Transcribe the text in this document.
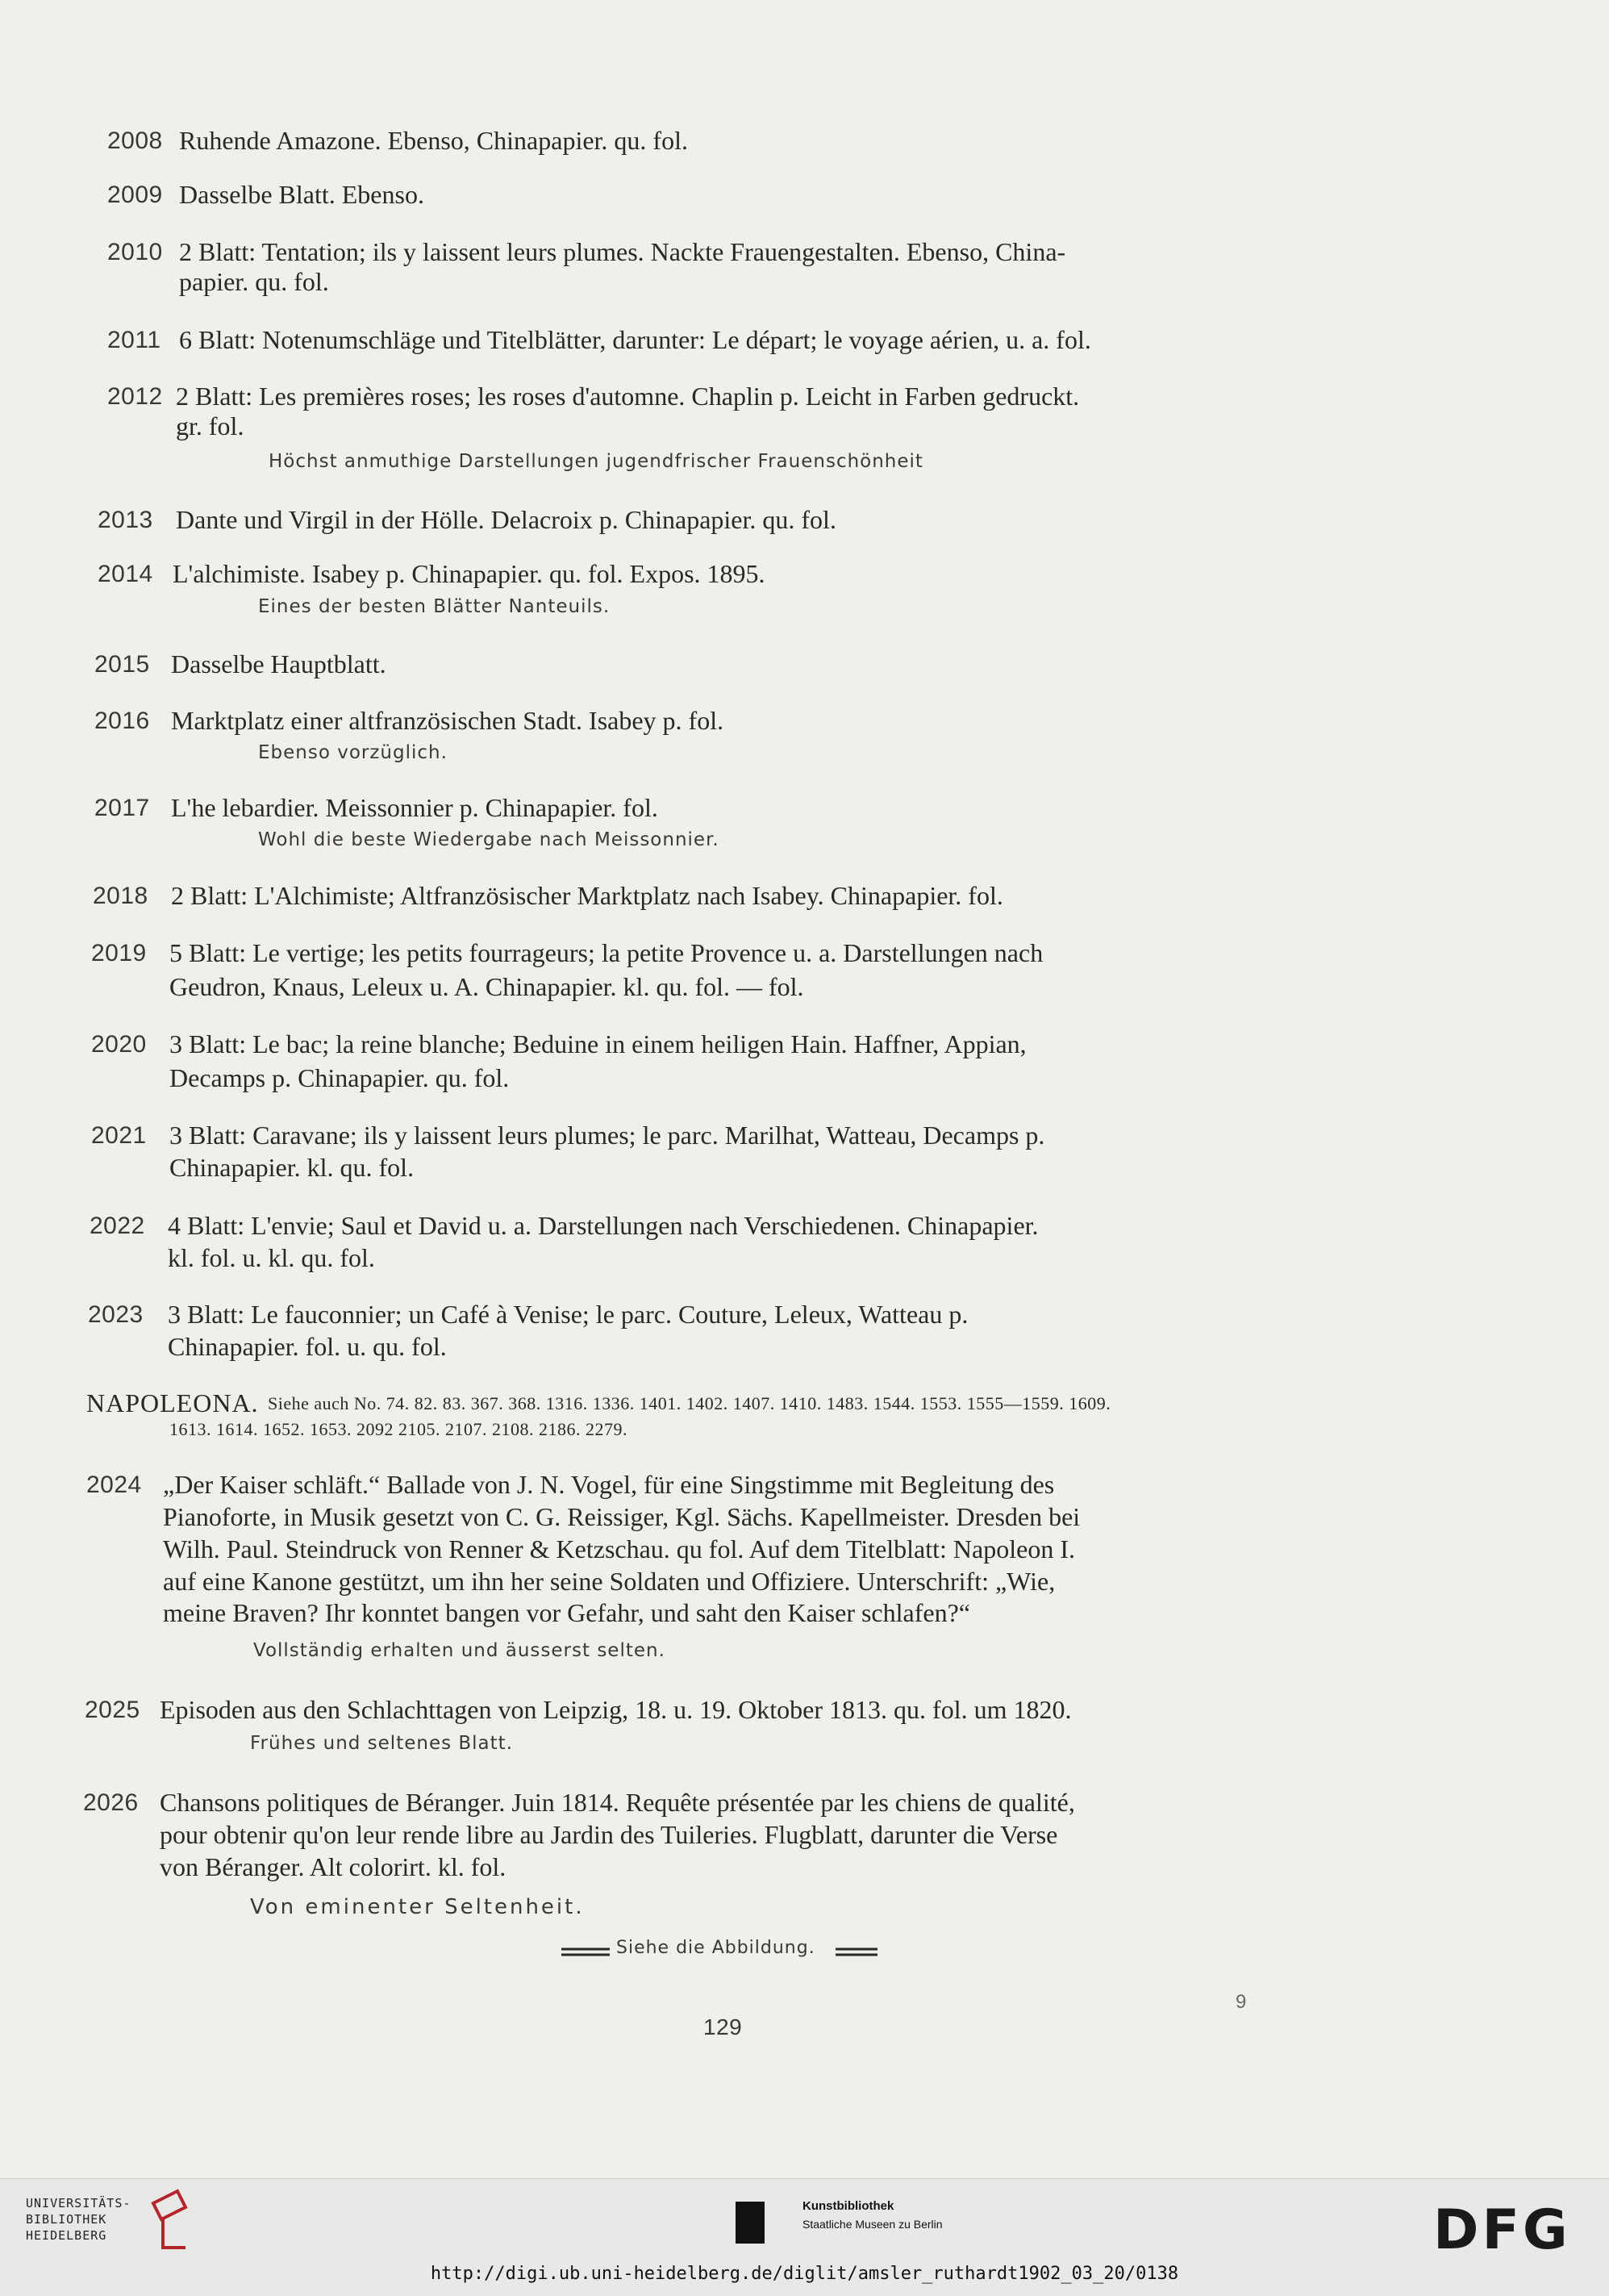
2008 Ruhende Amazone. Ebenso, Chinapapier. qu. fol.
2009 Dasselbe Blatt. Ebenso.
2010 2 Blatt: Tentation; ils y laissent leurs plumes. Nackte Frauengestalten. Ebenso, China-
papier. qu. fol.
2011 6 Blatt: Notenumschläge und Titelblätter, darunter: Le départ; le voyage aérien, u. a. fol.
2012 2 Blatt: Les premières roses; les roses d'automne. Chaplin p. Leicht in Farben gedruckt.
gr. fol.
Höchst anmuthige Darstellungen jugendfrischer Frauenschönheit
2013 Dante und Virgil in der Hölle. Delacroix p. Chinapapier. qu. fol.
2014 L'alchimiste. Isabey p. Chinapapier. qu. fol. Expos. 1895.
Eines der besten Blätter Nanteuils.
2015 Dasselbe Hauptblatt.
2016 Marktplatz einer altfranzösischen Stadt. Isabey p. fol.
Ebenso vorzüglich.
2017 L'he lebardier. Meissonnier p. Chinapapier. fol.
Wohl die beste Wiedergabe nach Meissonnier.
2018 2 Blatt: L'Alchimiste; Altfranzösischer Marktplatz nach Isabey. Chinapapier. fol.
2019 5 Blatt: Le vertige; les petits fourrageurs; la petite Provence u. a. Darstellungen nach
Geudron, Knaus, Leleux u. A. Chinapapier. kl. qu. fol. — fol.
2020 3 Blatt: Le bac; la reine blanche; Beduine in einem heiligen Hain. Haffner, Appian,
Decamps p. Chinapapier. qu. fol.
2021 3 Blatt: Caravane; ils y laissent leurs plumes; le parc. Marilhat, Watteau, Decamps p.
Chinapapier. kl. qu. fol.
2022 4 Blatt: L'envie; Saul et David u. a. Darstellungen nach Verschiedenen. Chinapapier.
kl. fol. u. kl. qu. fol.
2023 3 Blatt: Le fauconnier; un Café à Venise; le parc. Couture, Leleux, Watteau p.
Chinapapier. fol. u. qu. fol.
NAPOLEONA. Siehe auch No. 74. 82. 83. 367. 368. 1316. 1336. 1401. 1402. 1407. 1410. 1483. 1544. 1553. 1555—1559. 1609.
1613. 1614. 1652. 1653. 2092 2105. 2107. 2108. 2186. 2279.
2024 „Der Kaiser schläft.“ Ballade von J. N. Vogel, für eine Singstimme mit Begleitung des
Pianoforte, in Musik gesetzt von C. G. Reissiger, Kgl. Sächs. Kapellmeister. Dresden bei
Wilh. Paul. Steindruck von Renner & Ketzschau. qu fol. Auf dem Titelblatt: Napoleon I.
auf eine Kanone gestützt, um ihn her seine Soldaten und Offiziere. Unterschrift: „Wie,
meine Braven? Ihr konntet bangen vor Gefahr, und saht den Kaiser schlafen?“
Vollständig erhalten und äusserst selten.
2025 Episoden aus den Schlachttagen von Leipzig, 18. u. 19. Oktober 1813. qu. fol. um 1820.
Frühes und seltenes Blatt.
2026 Chansons politiques de Béranger. Juin 1814. Requête présentée par les chiens de qualité,
pour obtenir qu'on leur rende libre au Jardin des Tuileries. Flugblatt, darunter die Verse
von Béranger. Alt colorirt. kl. fol.
Von eminenter Seltenheit.
Siehe die Abbildung.
129
9
UNIVERSITÄTS-
BIBLIOTHEK
HEIDELBERG
Kunstbibliothek
Staatliche Museen zu Berlin	DFG
http://digi.ub.uni-heidelberg.de/diglit/amsler_ruthardt1902_03_20/0138
